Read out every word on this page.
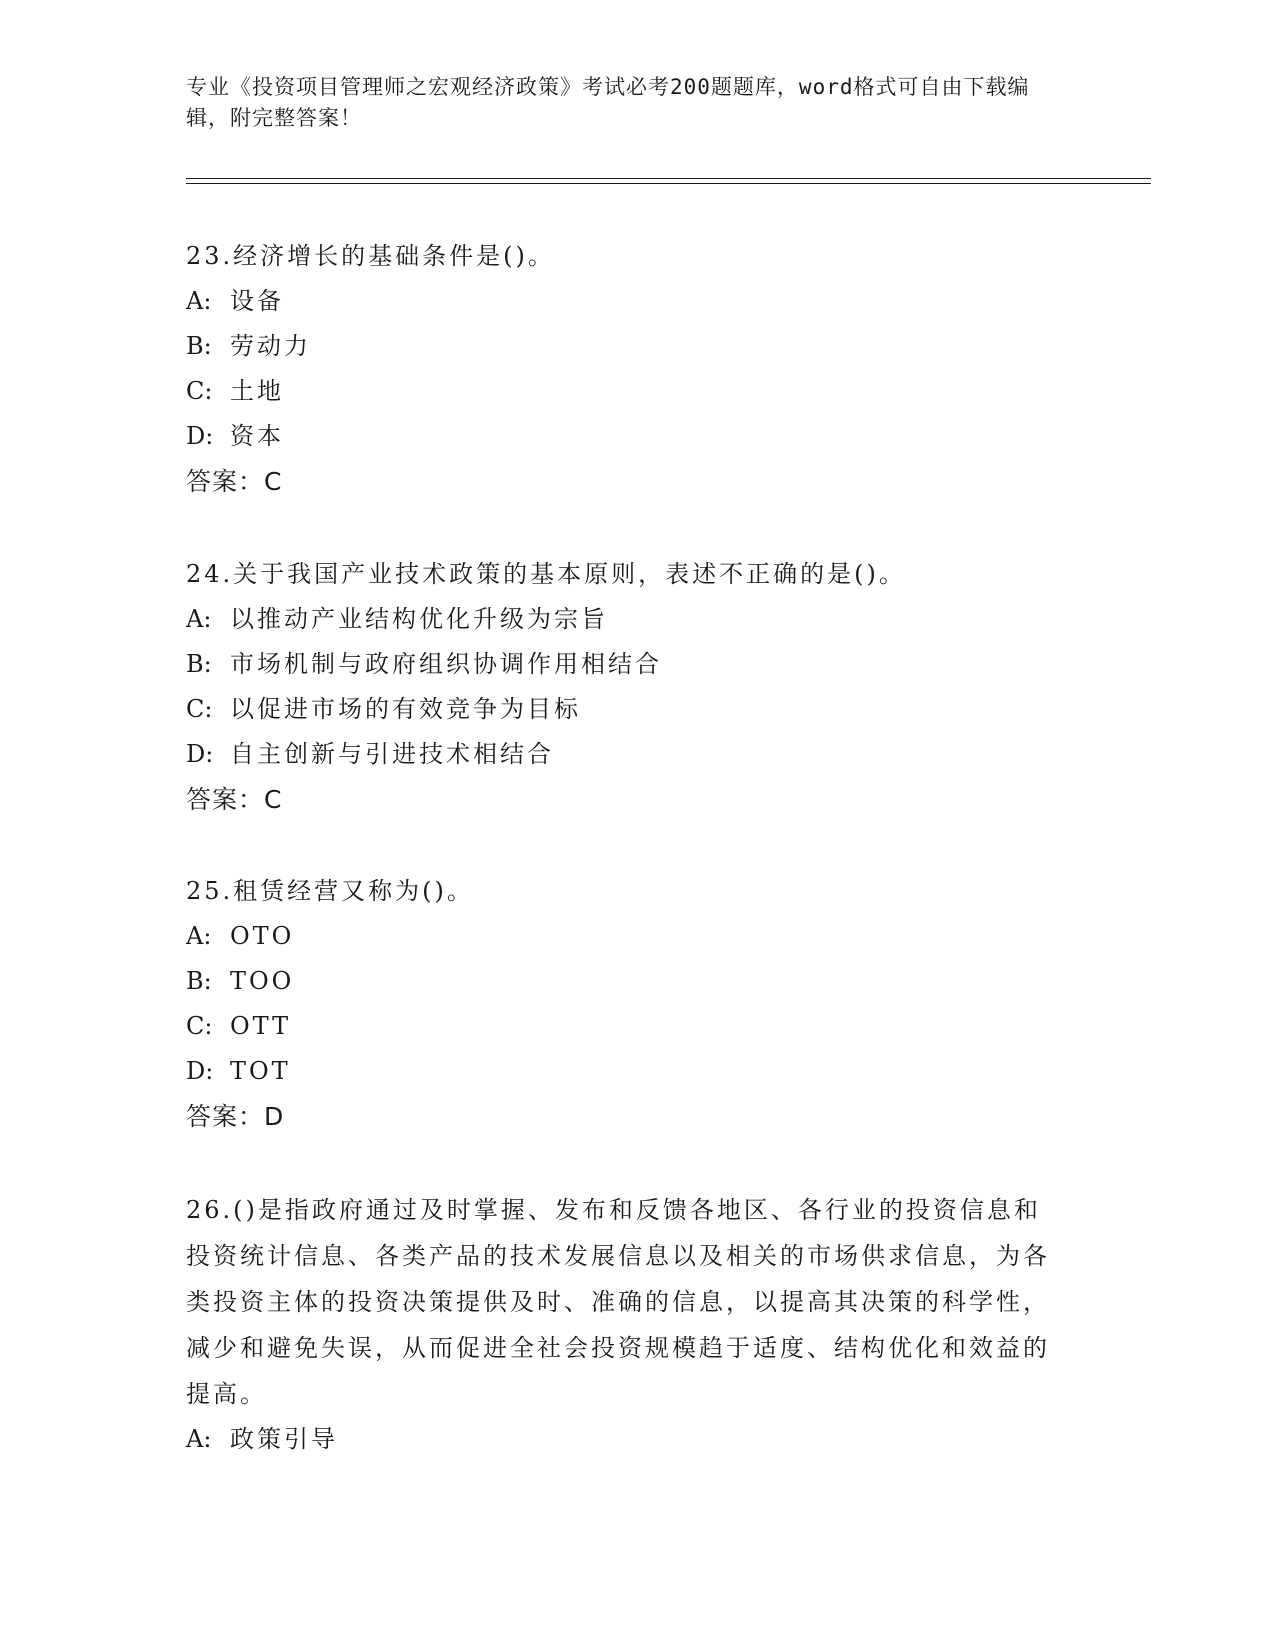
专业《投资项目管理师之宏观经济政策》考试必考200题题库，word格式可自由下载编辑，附完整答案！

23.经济增长的基础条件是()。

A: 设备

B: 劳动力

C: 土地

D: 资本

答案：C

24.关于我国产业技术政策的基本原则，表述不正确的是()。

A: 以推动产业结构优化升级为宗旨

B: 市场机制与政府组织协调作用相结合

C: 以促进市场的有效竞争为目标

D: 自主创新与引进技术相结合

答案：C

25.租赁经营又称为()。

A: OTO

B: TOO

C: OTT

D: TOT

答案：D

26.()是指政府通过及时掌握、发布和反馈各地区、各行业的投资信息和投资统计信息、各类产品的技术发展信息以及相关的市场供求信息，为各类投资主体的投资决策提供及时、准确的信息，以提高其决策的科学性，减少和避免失误，从而促进全社会投资规模趋于适度、结构优化和效益的提高。

A: 政策引导
